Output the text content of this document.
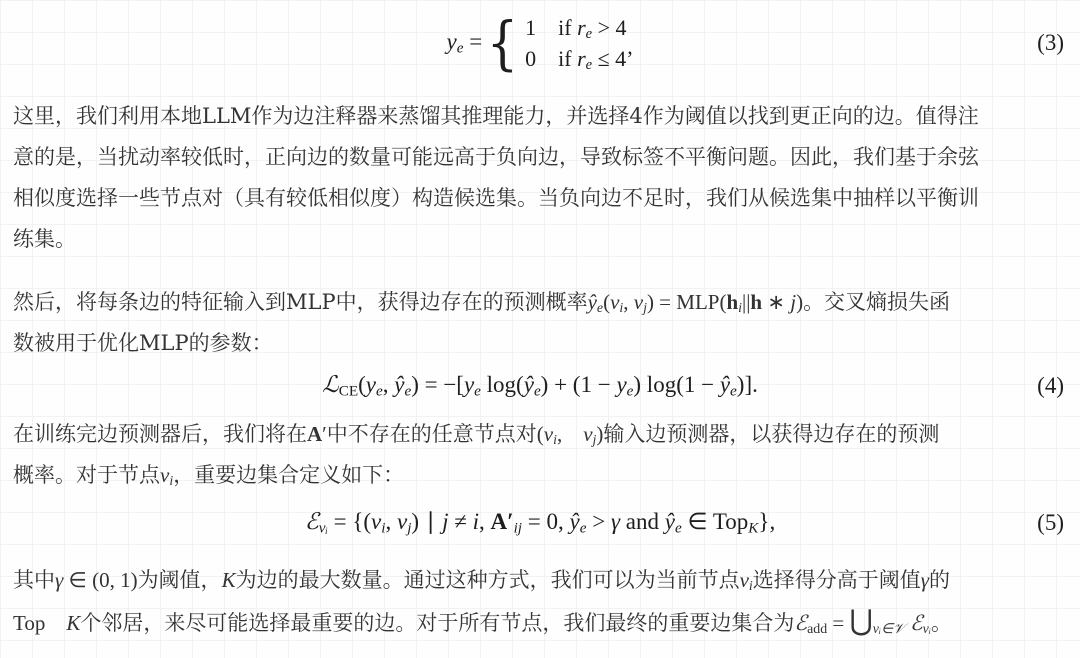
ye = { 1 if re > 4
0 if re ≤ 4’
(3)
这里，我们利用本地LLM作为边注释器来蒸馏其推理能力，并选择4作为阈值以找到更正向的边。值得注
意的是，当扰动率较低时，正向边的数量可能远高于负向边，导致标签不平衡问题。因此，我们基于余弦
相似度选择一些节点对（具有较低相似度）构造候选集。当负向边不足时，我们从候选集中抽样以平衡训
练集。
然后，将每条边的特征输入到MLP中，获得边存在的预测概率ŷe(vi, vj) = MLP(hi||h ∗ j)。交叉熵损失函
数被用于优化MLP的参数：
ℒCE(ye, ŷe) = −[ye log(ŷe) + (1 − ye) log(1 − ŷe)].	(4)
在训练完边预测器后，我们将在A′中不存在的任意节点对(vi, vj)输入边预测器，以获得边存在的预测
概率。对于节点vi，重要边集合定义如下：
ℰvᵢ = {(vi, vj) ∣ j ≠ i, A′ij = 0, ŷe > γ and ŷe ∈ TopK},	(5)
其中γ ∈ (0, 1)为阈值，K为边的最大数量。通过这种方式，我们可以为当前节点vi选择得分高于阈值γ的
Top  K个邻居，来尽可能选择最重要的边。对于所有节点，我们最终的重要边集合为ℰadd = ⋃vᵢ∈𝒱 ℰvᵢ。
